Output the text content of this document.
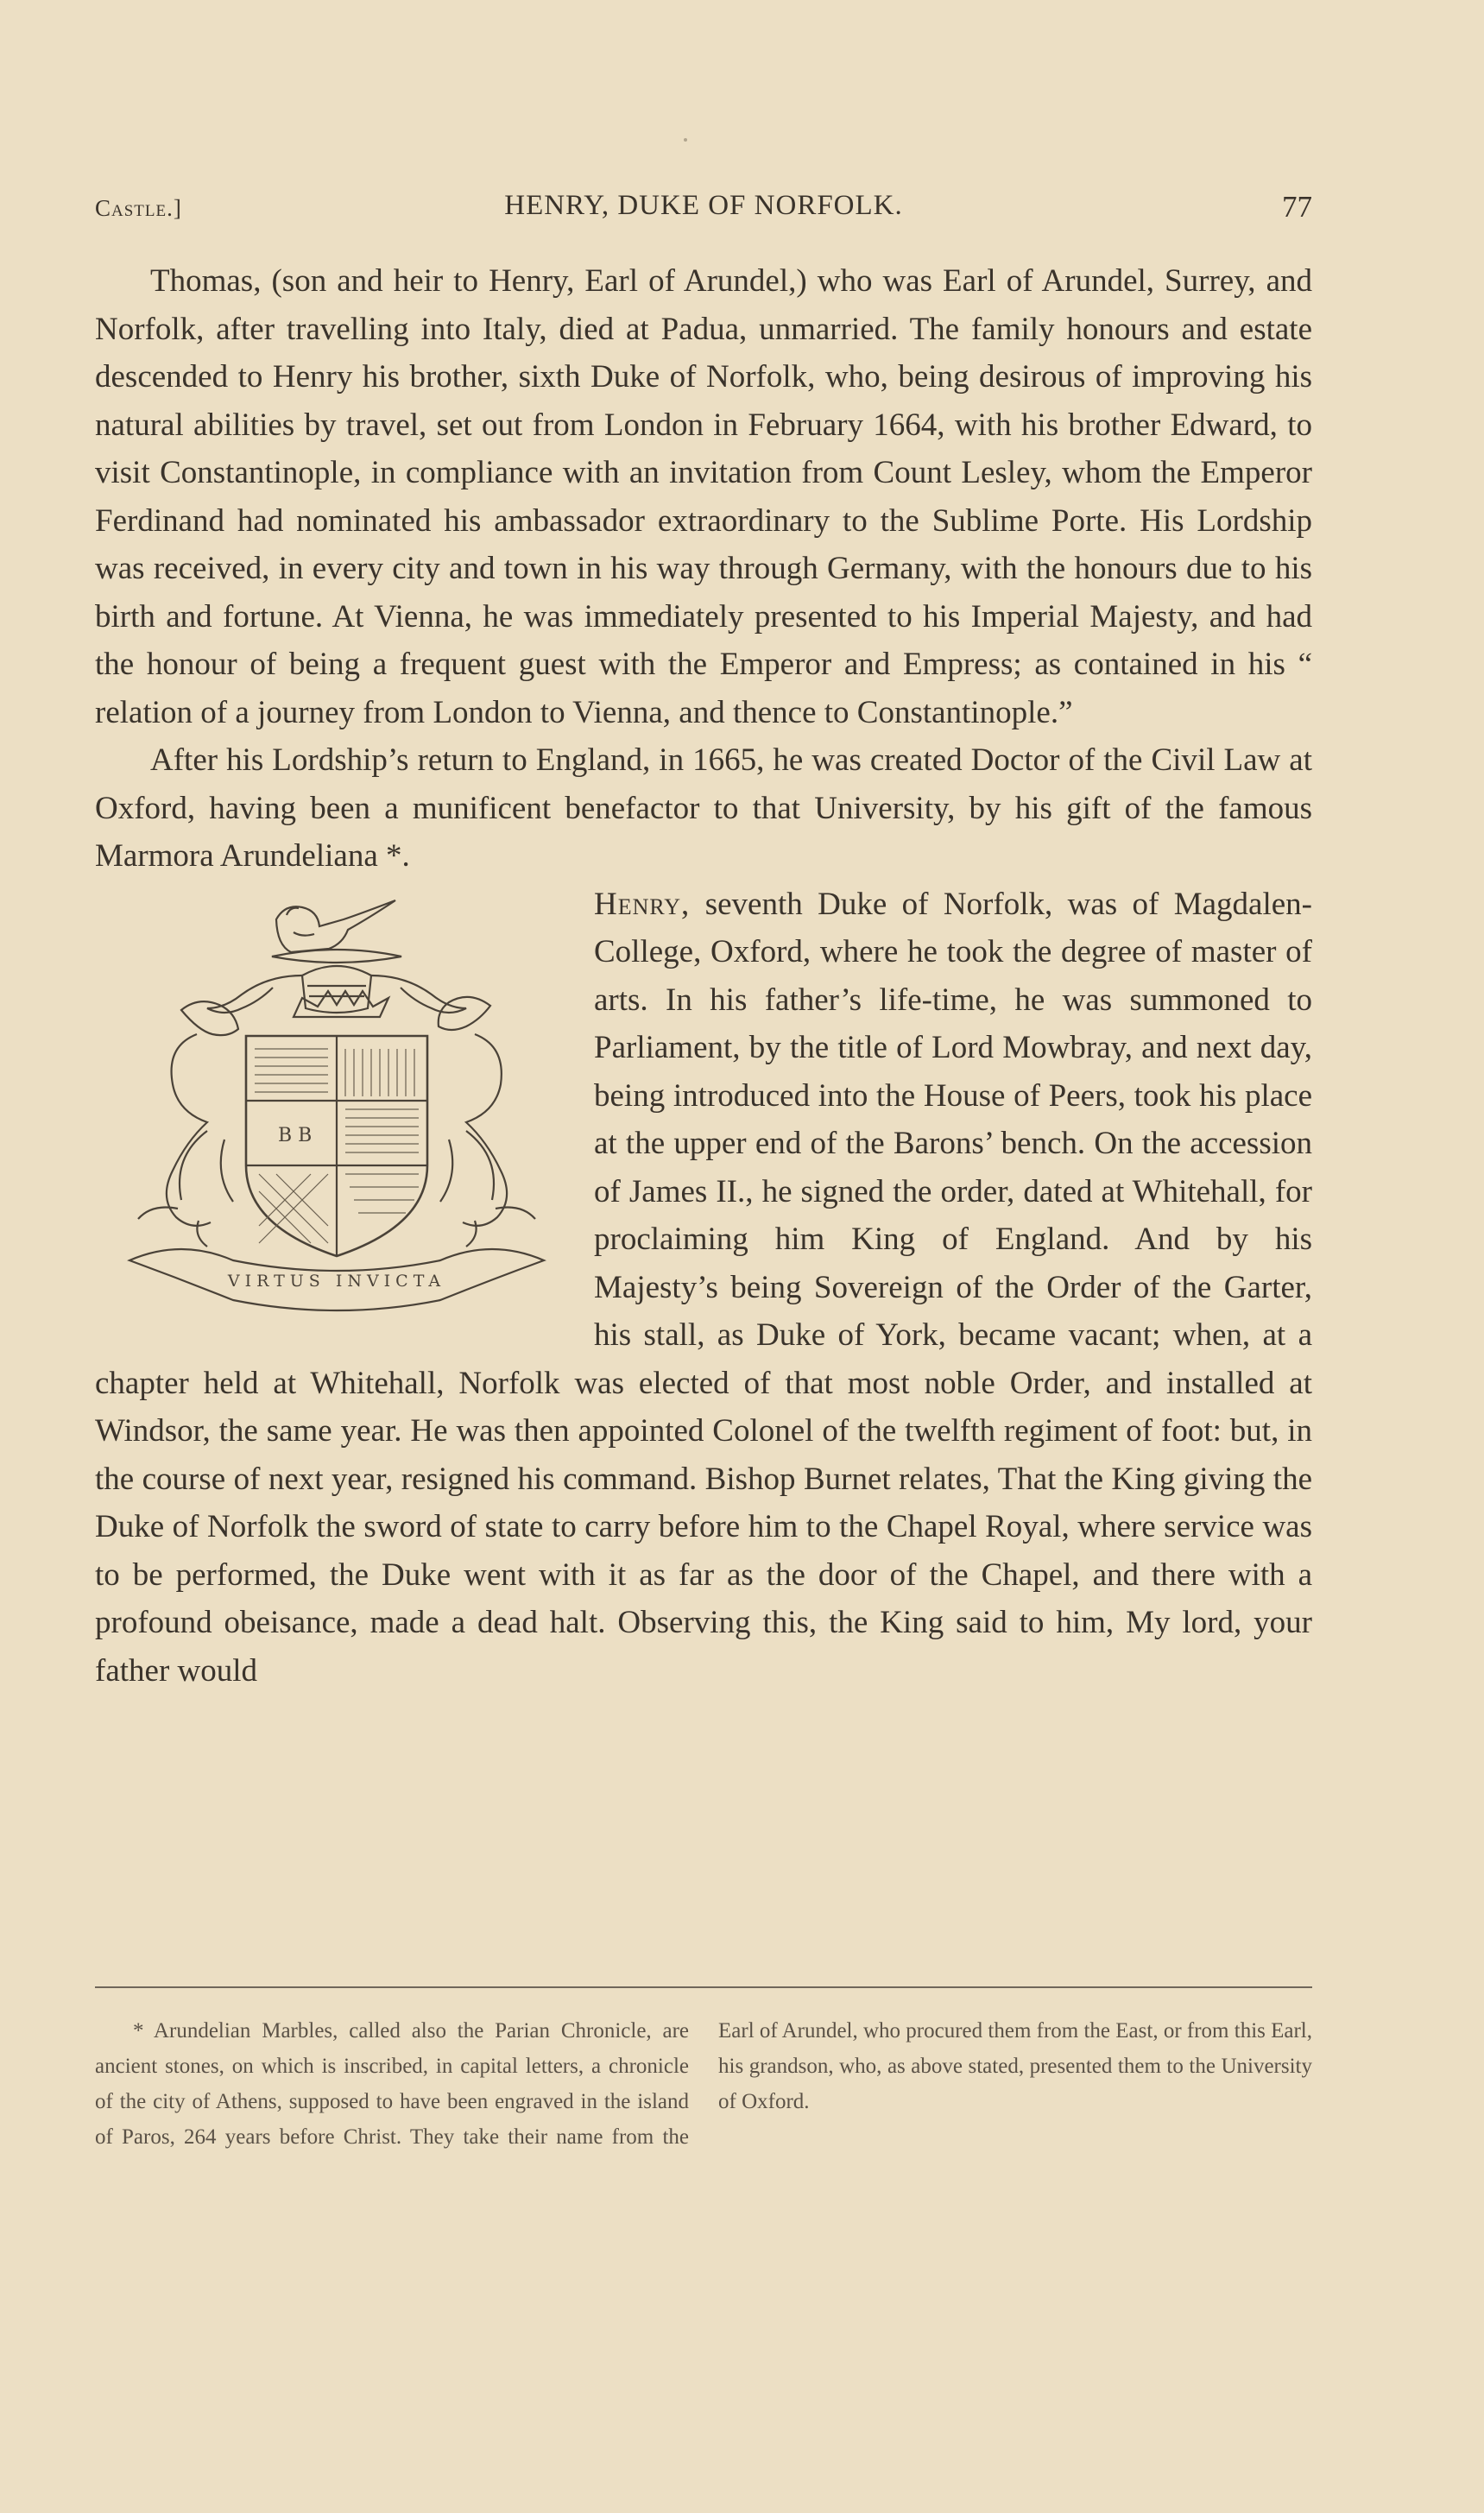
Castle.]	HENRY, DUKE OF NORFOLK.	77

Thomas, (son and heir to Henry, Earl of Arundel,) who was Earl of Arundel, Surrey, and Norfolk, after travelling into Italy, died at Padua, unmarried. The family honours and estate descended to Henry his brother, sixth Duke of Norfolk, who, being desirous of improving his natural abilities by travel, set out from London in February 1664, with his brother Edward, to visit Constantinople, in compliance with an invitation from Count Lesley, whom the Emperor Ferdinand had nominated his ambassador extraordinary to the Sublime Porte. His Lordship was received, in every city and town in his way through Germany, with the honours due to his birth and fortune. At Vienna, he was immediately presented to his Imperial Majesty, and had the honour of being a frequent guest with the Emperor and Empress; as contained in his “ relation of a journey from London to Vienna, and thence to Constantinople.”

After his Lordship’s return to England, in 1665, he was created Doctor of the Civil Law at Oxford, having been a munificent benefactor to that University, by his gift of the famous Marmora Arundeliana *.

B B
VIRTUS INVICTA
Henry, seventh Duke of Norfolk, was of Magdalen-College, Oxford, where he took the degree of master of arts. In his father’s life-time, he was summoned to Parliament, by the title of Lord Mowbray, and next day, being introduced into the House of Peers, took his place at the upper end of the Barons’ bench. On the accession of James II., he signed the order, dated at Whitehall, for proclaiming him King of England. And by his Majesty’s being Sovereign of the Order of the Garter, his stall, as Duke of York, became vacant; when, at a chapter held at Whitehall, Norfolk was elected of that most noble Order, and installed at Windsor, the same year. He was then appointed Colonel of the twelfth regiment of foot: but, in the course of next year, resigned his command. Bishop Burnet relates, That the King giving the Duke of Norfolk the sword of state to carry before him to the Chapel Royal, where service was to be performed, the Duke went with it as far as the door of the Chapel, and there with a profound obeisance, made a dead halt. Observing this, the King said to him, My lord, your father would

* Arundelian Marbles, called also the Parian Chronicle, are ancient stones, on which is inscribed, in capital letters, a chronicle of the city of Athens, supposed to have been engraved in the island of Paros, 264 years before Christ. They take their name from the Earl of Arundel, who procured them from the East, or from this Earl, his grandson, who, as above stated, presented them to the University of Oxford.
